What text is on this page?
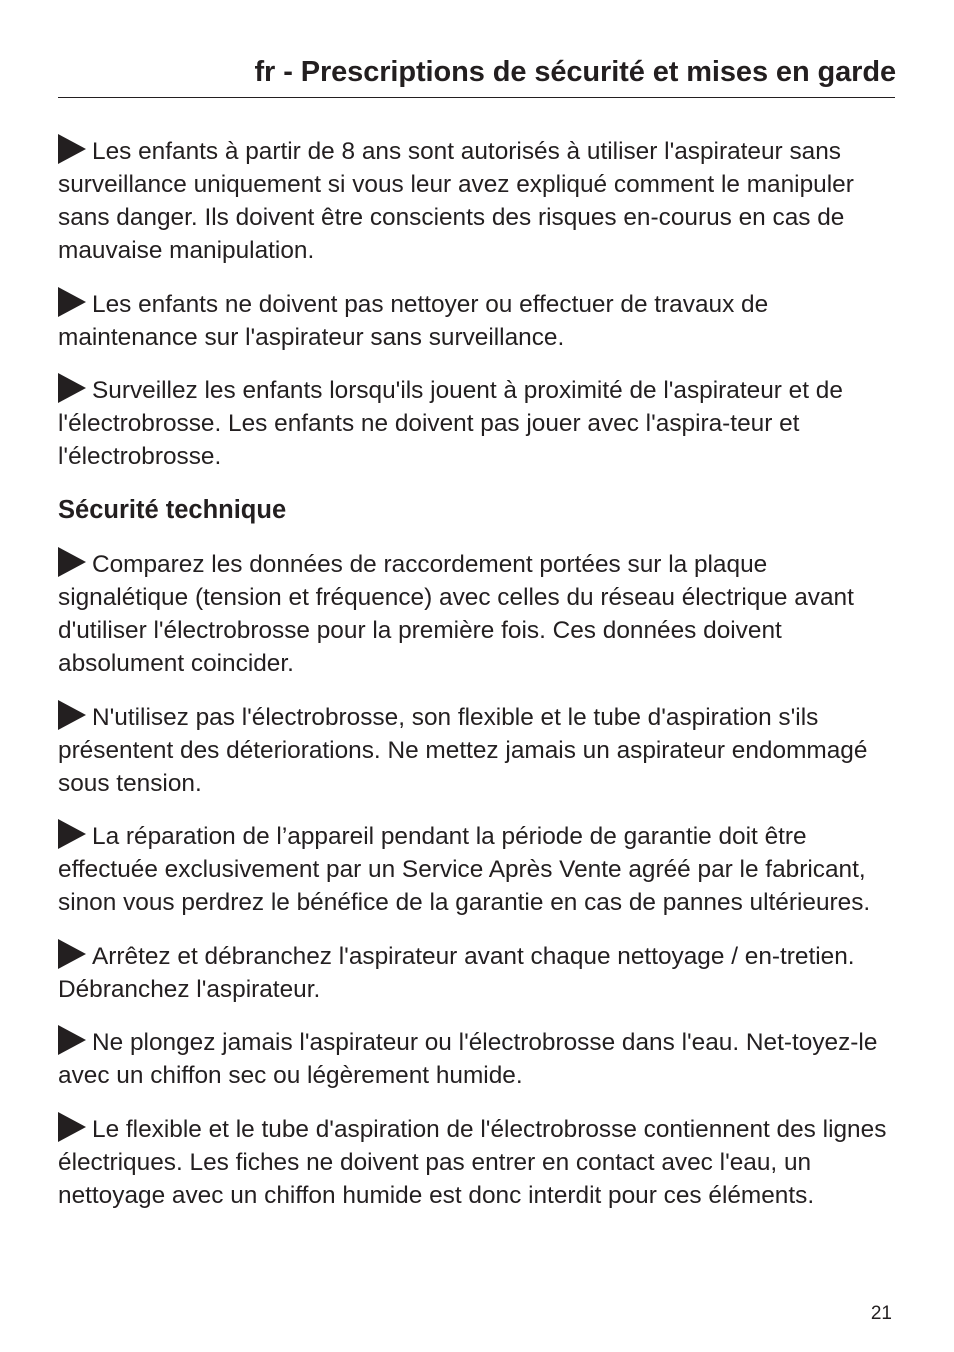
fr - Prescriptions de sécurité et mises en garde

Les enfants à partir de 8 ans sont autorisés à utiliser l'aspirateur sans surveillance uniquement si vous leur avez expliqué comment le manipuler sans danger. Ils doivent être conscients des risques en-courus en cas de mauvaise manipulation.

Les enfants ne doivent pas nettoyer ou effectuer de travaux de maintenance sur l'aspirateur sans surveillance.

Surveillez les enfants lorsqu'ils jouent à proximité de l'aspirateur et de l'électrobrosse. Les enfants ne doivent pas jouer avec l'aspira-teur et l'électrobrosse.

Sécurité technique

Comparez les données de raccordement portées sur la plaque signalétique (tension et fréquence) avec celles du réseau électrique avant d'utiliser l'électrobrosse pour la première fois. Ces données doivent absolument coincider.

N'utilisez pas l'électrobrosse, son flexible et le tube d'aspiration s'ils présentent des déteriorations. Ne mettez jamais un aspirateur endommagé sous tension.

La réparation de l’appareil pendant la période de garantie doit être effectuée exclusivement par un Service Après Vente agréé par le fabricant, sinon vous perdrez le bénéfice de la garantie en cas de pannes ultérieures.

Arrêtez et débranchez l'aspirateur avant chaque nettoyage / en-tretien. Débranchez l'aspirateur.

Ne plongez jamais l'aspirateur ou l'électrobrosse dans l'eau. Net-toyez-le avec un chiffon sec ou légèrement humide.

Le flexible et le tube d'aspiration de l'électrobrosse contiennent des lignes électriques. Les fiches ne doivent pas entrer en contact avec l'eau, un nettoyage avec un chiffon humide est donc interdit pour ces éléments.

21
